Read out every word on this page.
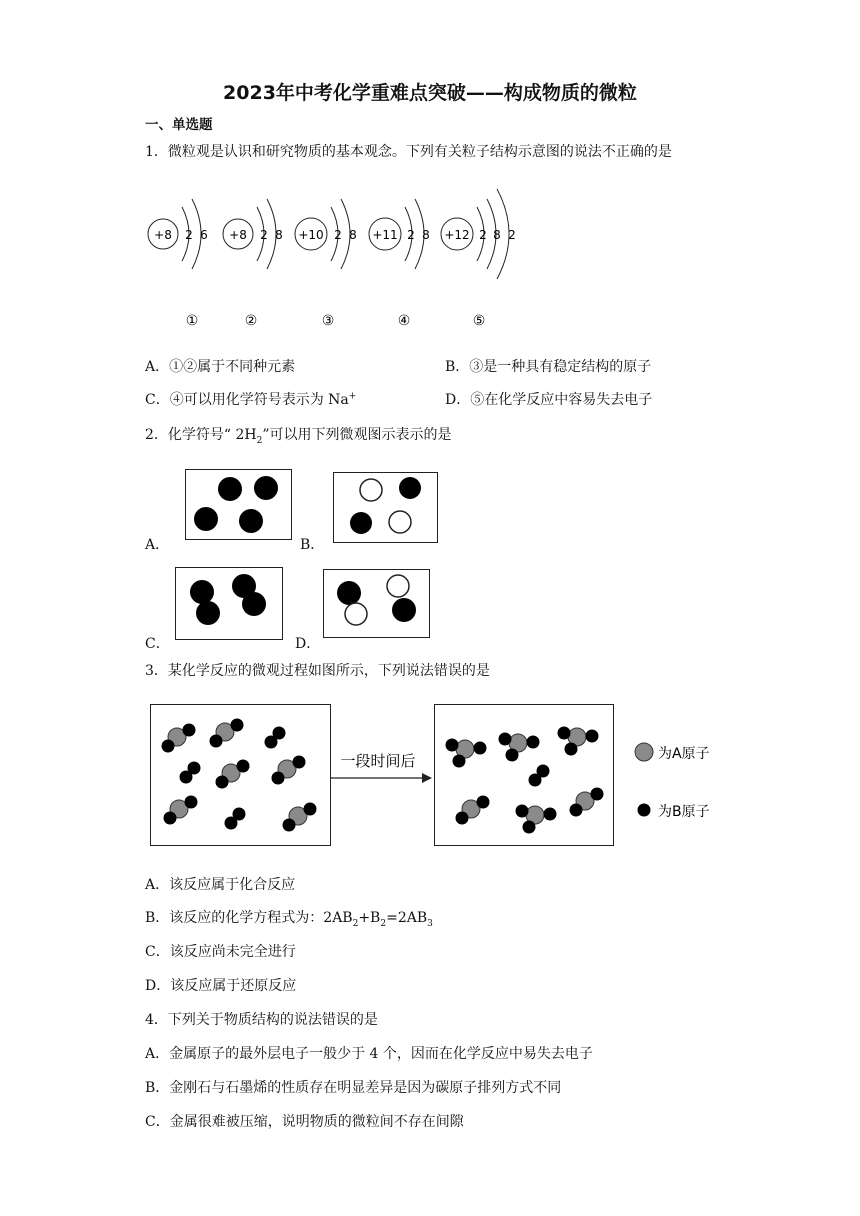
2023年中考化学重难点突破——构成物质的微粒
一、单选题
1．微粒观是认识和研究物质的基本观念。下列有关粒子结构示意图的说法不正确的是
+8 2 6
①
+8 2 8
②
+10 2 8
③
+11 2 8
④
+12 2 8 2
⑤
A．①②属于不同种元素	B．③是一种具有稳定结构的原子
C．④可以用化学符号表示为 Na+	D．⑤在化学反应中容易失去电子
2．化学符号“ $2H_2$”可以用下列微观图示表示的是
A．	B．
C．	D．
3．某化学反应的微观过程如图所示，下列说法错误的是
一段时间后	为A原子
为B原子
A．该反应属于化合反应
B．该反应的化学方程式为：$2AB_2+B_2=2AB_3$
C．该反应尚未完全进行
D．该反应属于还原反应
4．下列关于物质结构的说法错误的是
A．金属原子的最外层电子一般少于 4 个，因而在化学反应中易失去电子
B．金刚石与石墨烯的性质存在明显差异是因为碳原子排列方式不同
C．金属很难被压缩，说明物质的微粒间不存在间隙
